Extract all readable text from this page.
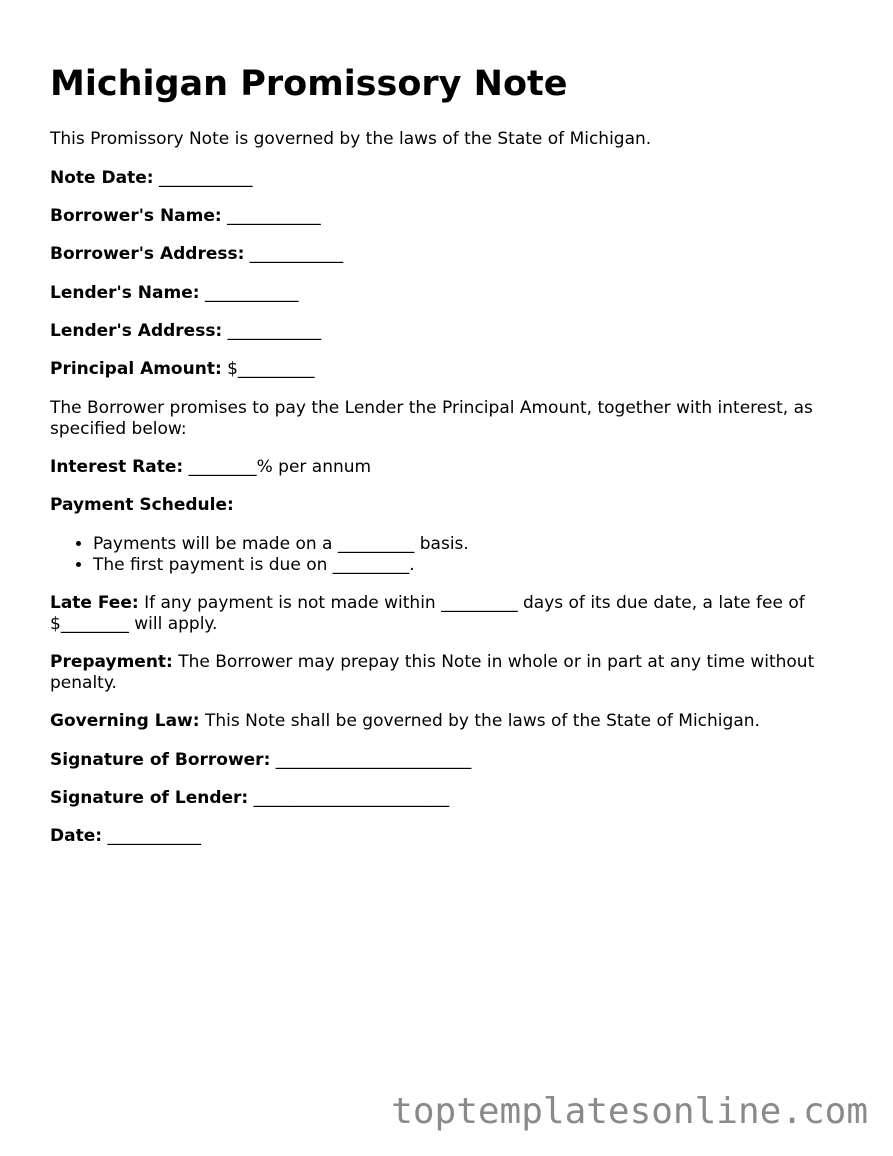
Michigan Promissory Note
This Promissory Note is governed by the laws of the State of Michigan.
Note Date: ___________
Borrower's Name: ___________
Borrower's Address: ___________
Lender's Name: ___________
Lender's Address: ___________
Principal Amount: $_________
The Borrower promises to pay the Lender the Principal Amount, together with interest, as specified below:
Interest Rate: ________% per annum
Payment Schedule:
• Payments will be made on a _________ basis.
• The first payment is due on _________.
Late Fee: If any payment is not made within _________ days of its due date, a late fee of $________ will apply.
Prepayment: The Borrower may prepay this Note in whole or in part at any time without penalty.
Governing Law: This Note shall be governed by the laws of the State of Michigan.
Signature of Borrower: _______________________
Signature of Lender: _______________________
Date: ___________
toptemplatesonline.com
